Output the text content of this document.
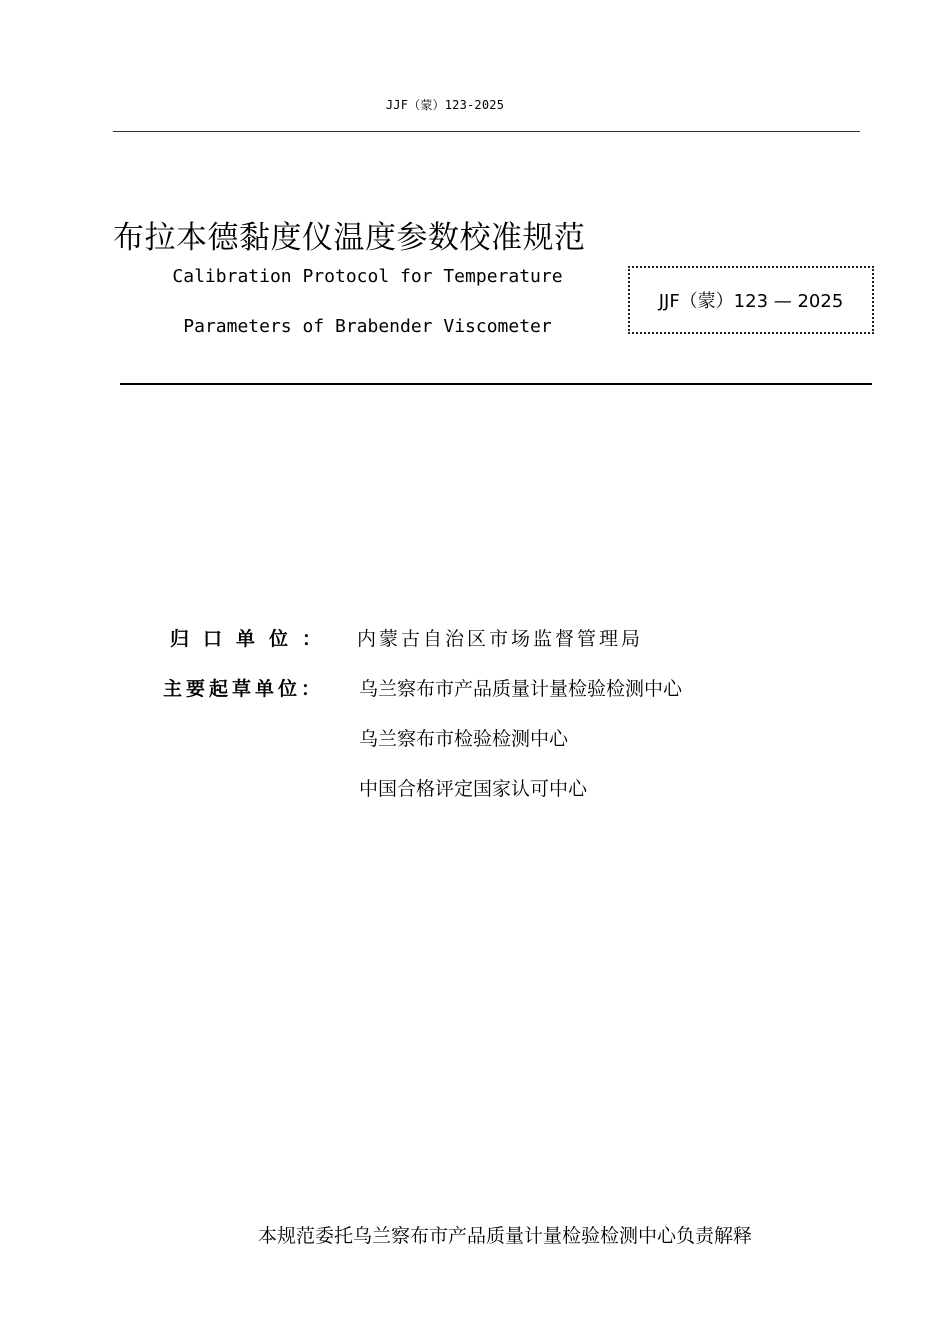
JJF（蒙）123-2025
布拉本德黏度仪温度参数校准规范
Calibration Protocol for Temperature
Parameters of Brabender Viscometer
JJF（蒙）123 — 2025
归口单位：	内蒙古自治区市场监督管理局
主要起草单位：	乌兰察布市产品质量计量检验检测中心
乌兰察布市检验检测中心
中国合格评定国家认可中心
本规范委托乌兰察布市产品质量计量检验检测中心负责解释
